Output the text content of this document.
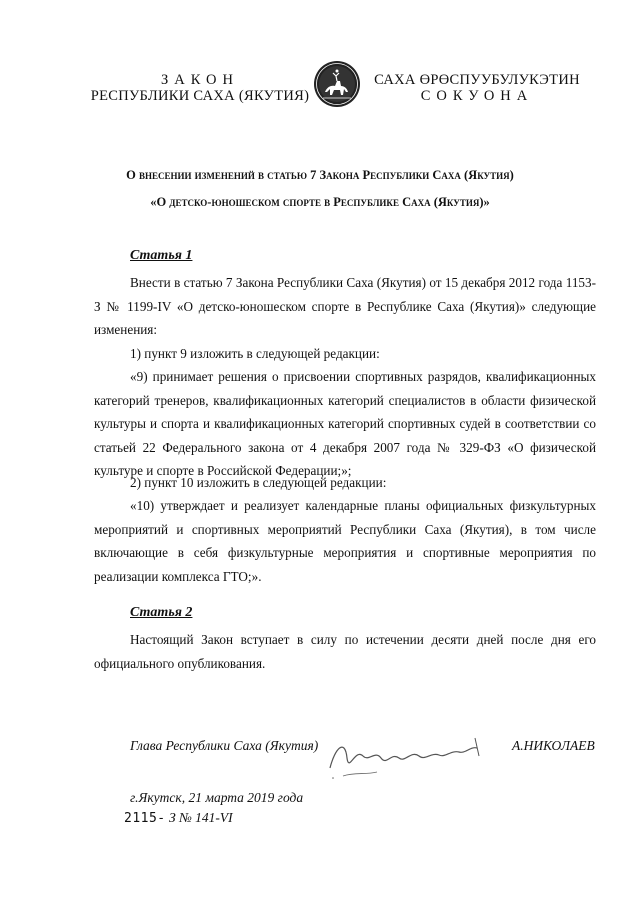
ЗАКОН
РЕСПУБЛИКИ САХА (ЯКУТИЯ)
САХА ӨРӨСПУУБУЛУКЭТИН
СОКУОНА
О внесении изменений в статью 7 Закона Республики Саха (Якутия)
«О детско-юношеском спорте в Республике Саха (Якутия)»
Статья 1
Внести в статью 7 Закона Республики Саха (Якутия) от 15 декабря 2012 года 1153-З № 1199-IV «О детско-юношеском спорте в Республике Саха (Якутия)» следующие изменения:
1) пункт 9 изложить в следующей редакции:
«9) принимает решения о присвоении спортивных разрядов, квалификационных категорий тренеров, квалификационных категорий специалистов в области физической культуры и спорта и квалификационных категорий спортивных судей в соответствии со статьей 22 Федерального закона от 4 декабря 2007 года № 329-ФЗ «О физической культуре и спорте в Российской Федерации;»;
2) пункт 10 изложить в следующей редакции:
«10) утверждает и реализует календарные планы официальных физкультурных мероприятий и спортивных мероприятий Республики Саха (Якутия), в том числе включающие в себя физкультурные мероприятия и спортивные мероприятия по реализации комплекса ГТО;».
Статья 2
Настоящий Закон вступает в силу по истечении десяти дней после дня его официального опубликования.
Глава Республики Саха (Якутия)	А.НИКОЛАЕВ
г.Якутск, 21 марта 2019 года
2115- З № 141-VI
